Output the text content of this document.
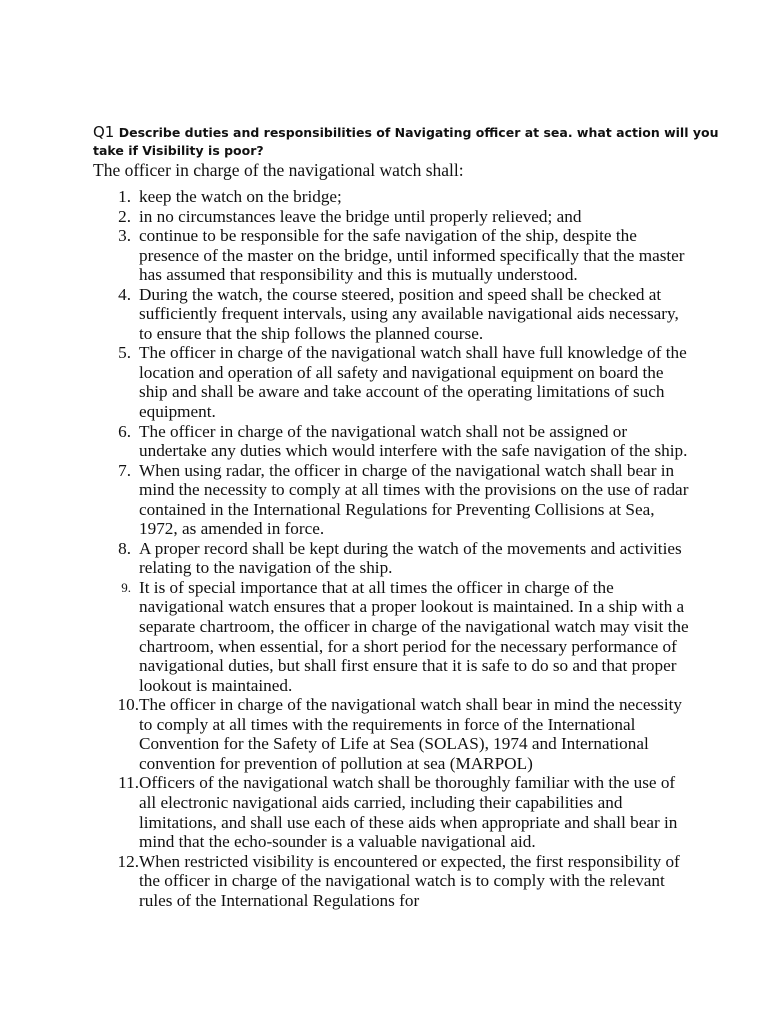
Q1 Describe duties and responsibilities of Navigating officer at sea. what action will you take if Visibility is poor?
The officer in charge of the navigational watch shall:
1. keep the watch on the bridge;
2. in no circumstances leave the bridge until properly relieved; and
3. continue to be responsible for the safe navigation of the ship, despite the presence of the master on the bridge, until informed specifically that the master has assumed that responsibility and this is mutually understood.
4. During the watch, the course steered, position and speed shall be checked at sufficiently frequent intervals, using any available navigational aids necessary, to ensure that the ship follows the planned course.
5. The officer in charge of the navigational watch shall have full knowledge of the location and operation of all safety and navigational equipment on board the ship and shall be aware and take account of the operating limitations of such equipment.
6. The officer in charge of the navigational watch shall not be assigned or undertake any duties which would interfere with the safe navigation of the ship.
7. When using radar, the officer in charge of the navigational watch shall bear in mind the necessity to comply at all times with the provisions on the use of radar contained in the International Regulations for Preventing Collisions at Sea, 1972, as amended in force.
8. A proper record shall be kept during the watch of the movements and activities relating to the navigation of the ship.
9. It is of special importance that at all times the officer in charge of the navigational watch ensures that a proper lookout is maintained. In a ship with a separate chartroom, the officer in charge of the navigational watch may visit the chartroom, when essential, for a short period for the necessary performance of navigational duties, but shall first ensure that it is safe to do so and that proper lookout is maintained.
10. The officer in charge of the navigational watch shall bear in mind the necessity to comply at all times with the requirements in force of the International Convention for the Safety of Life at Sea (SOLAS), 1974 and International convention for prevention of pollution at sea (MARPOL)
11. Officers of the navigational watch shall be thoroughly familiar with the use of all electronic navigational aids carried, including their capabilities and limitations, and shall use each of these aids when appropriate and shall bear in mind that the echo-sounder is a valuable navigational aid.
12. When restricted visibility is encountered or expected, the first responsibility of the officer in charge of the navigational watch is to comply with the relevant rules of the International Regulations for
